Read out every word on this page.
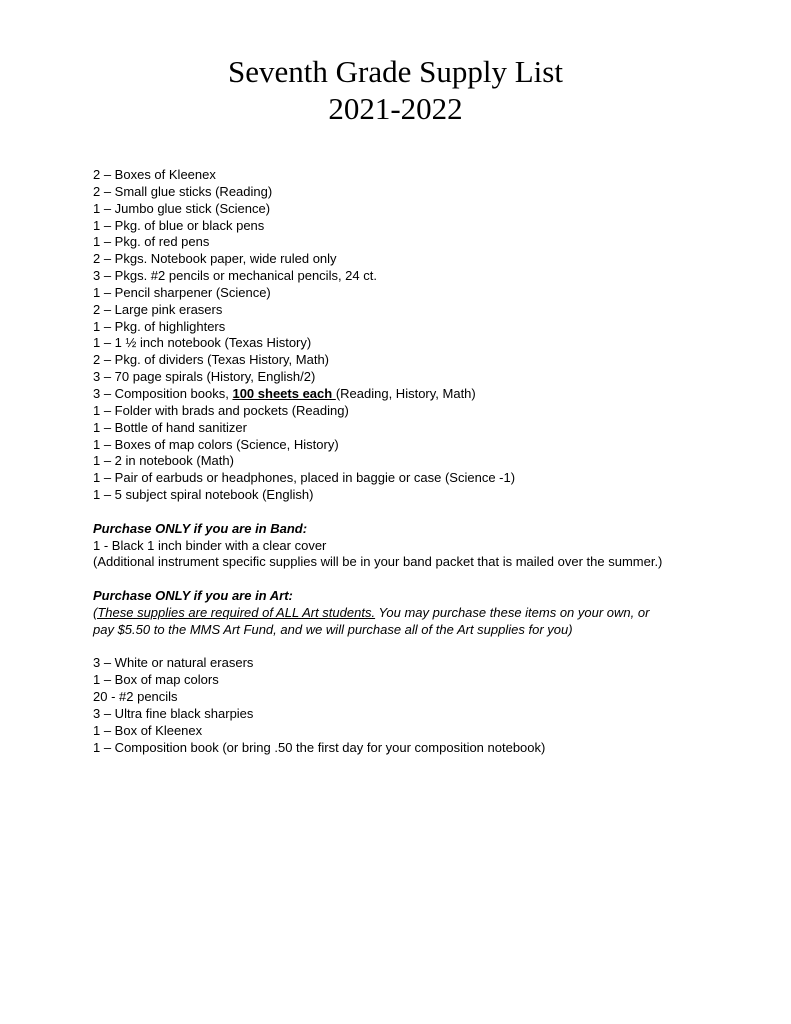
Seventh Grade Supply List
2021-2022
2 – Boxes of Kleenex
2 – Small glue sticks (Reading)
1 – Jumbo glue stick (Science)
1 – Pkg. of blue or black pens
1 – Pkg. of red pens
2 – Pkgs. Notebook paper, wide ruled only
3 – Pkgs. #2 pencils or mechanical pencils, 24 ct.
1 – Pencil sharpener (Science)
2 – Large pink erasers
1 – Pkg. of highlighters
1 – 1 ½ inch notebook (Texas History)
2 – Pkg. of dividers (Texas History, Math)
3 – 70 page spirals (History, English/2)
3 – Composition books, 100 sheets each (Reading, History, Math)
1 – Folder with brads and pockets (Reading)
1 – Bottle of hand sanitizer
1 – Boxes of map colors (Science, History)
1 – 2 in notebook (Math)
1 – Pair of earbuds or headphones, placed in baggie or case (Science -1)
1 – 5 subject spiral notebook (English)
Purchase ONLY if you are in Band:
1 - Black 1 inch binder with a clear cover
(Additional instrument specific supplies will be in your band packet that is mailed over the summer.)
Purchase ONLY if you are in Art:
(These supplies are required of ALL Art students. You may purchase these items on your own, or
pay $5.50 to the MMS Art Fund, and we will purchase all of the Art supplies for you)
3 – White or natural erasers
1 – Box of map colors
20 - #2 pencils
3 – Ultra fine black sharpies
1 – Box of Kleenex
1 – Composition book (or bring .50 the first day for your composition notebook)
